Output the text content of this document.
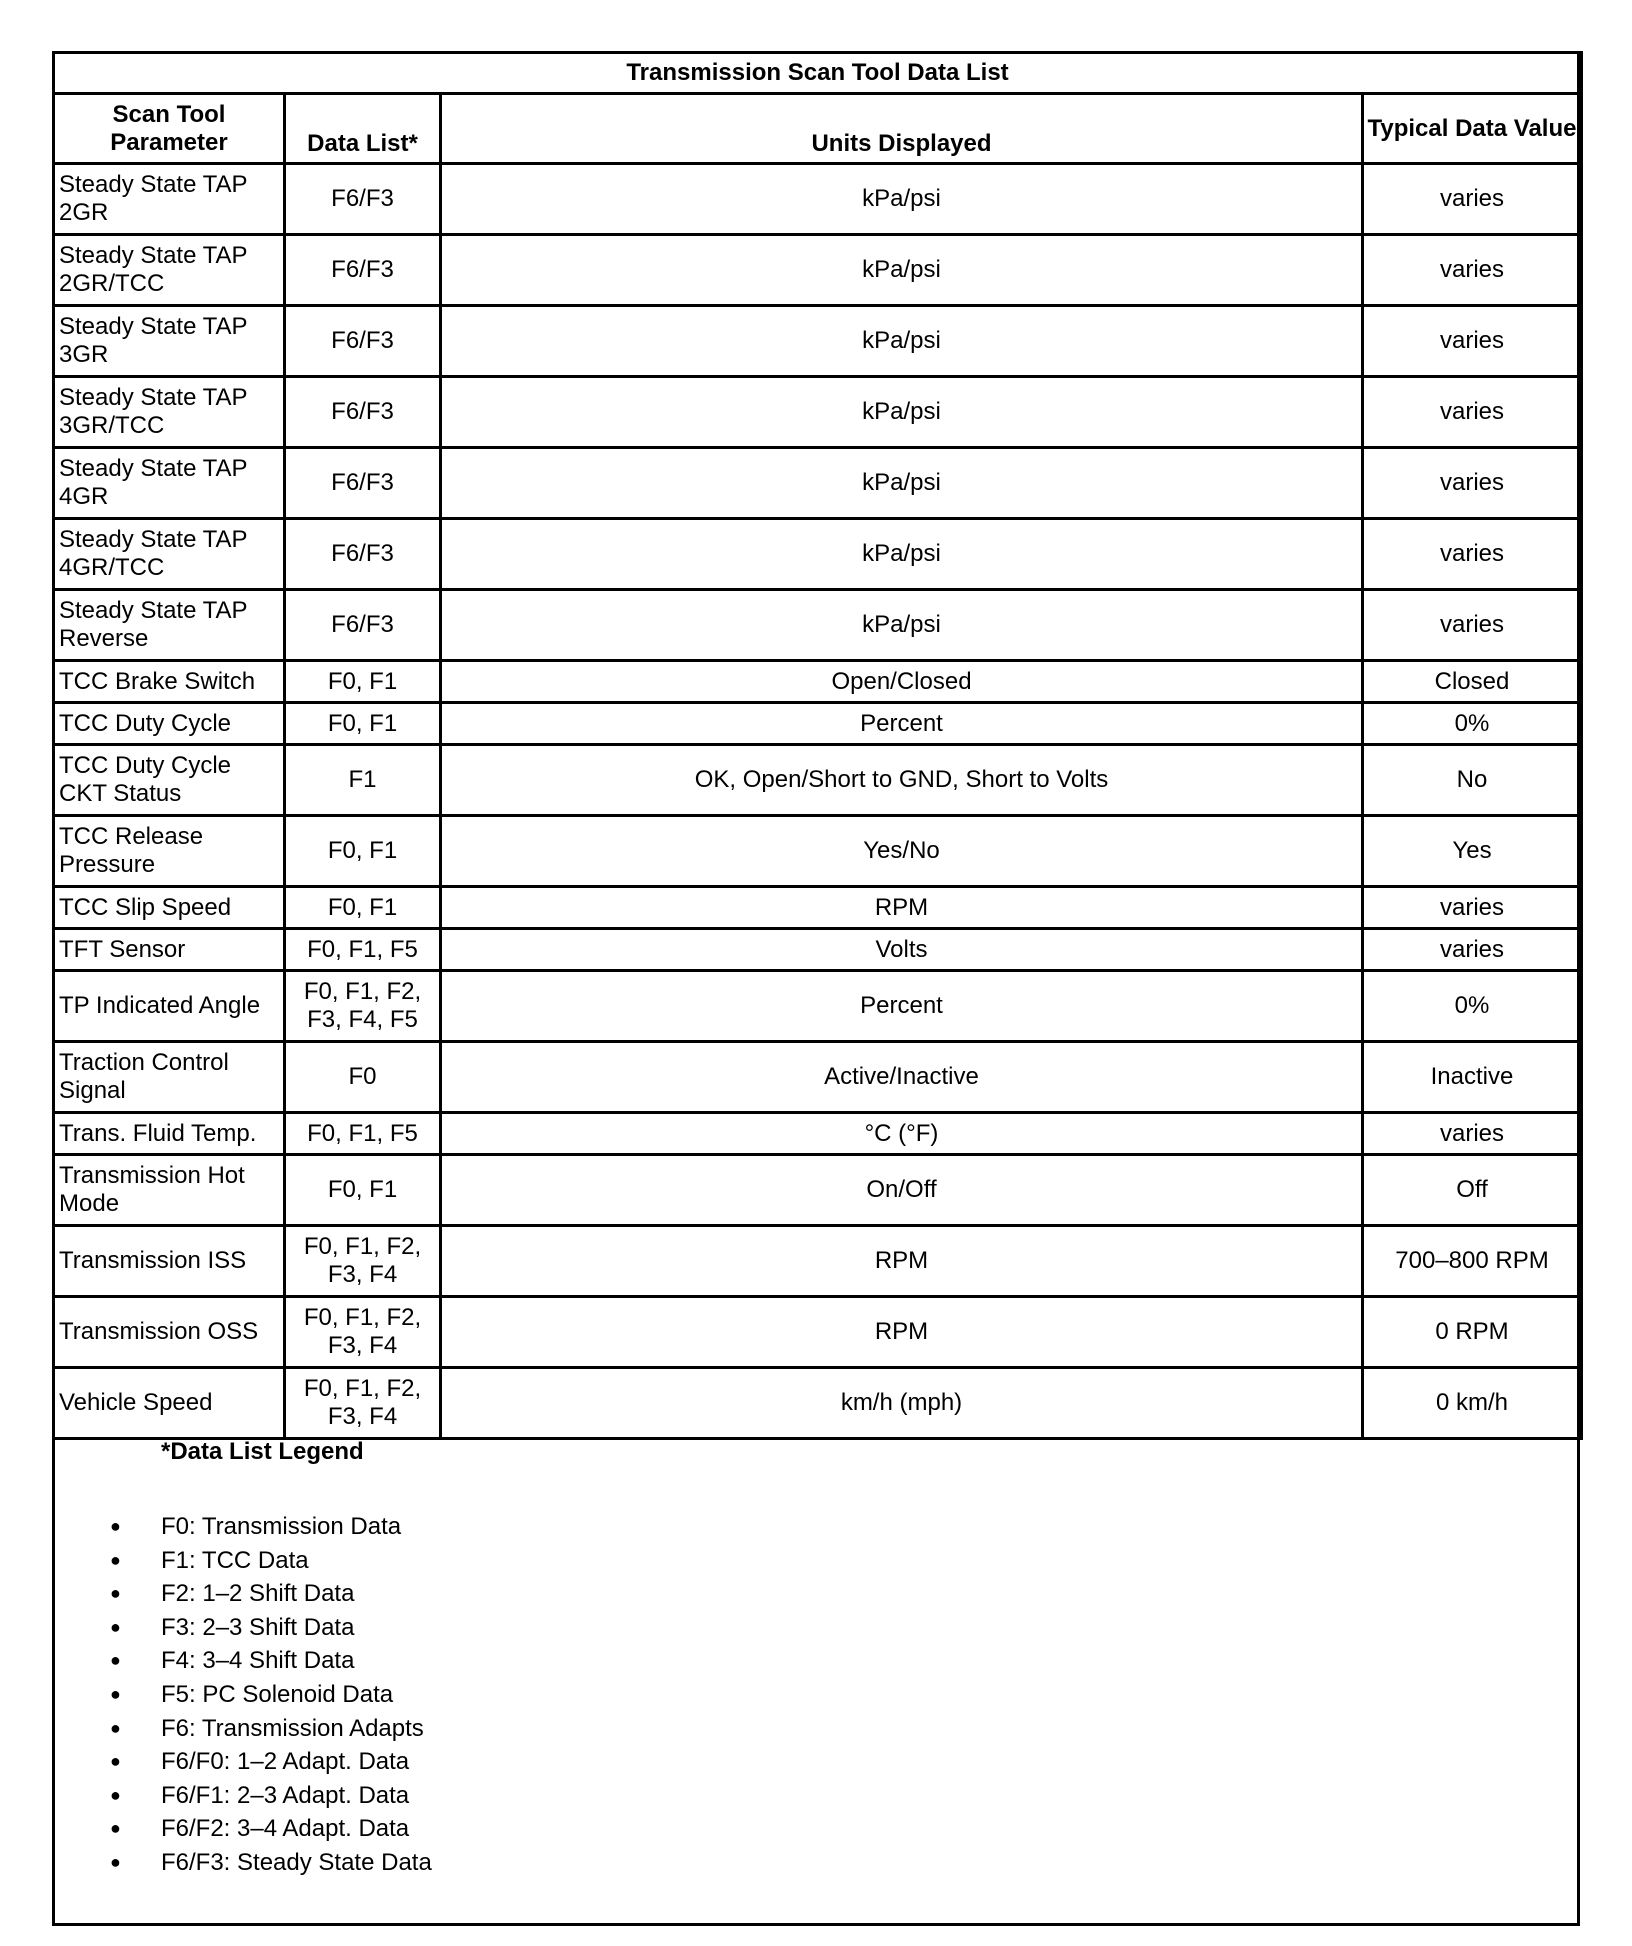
Transmission Scan Tool Data List			
Scan Tool Parameter	Data List*	Units Displayed	Typical Data Value
Steady State TAP 2GR	F6/F3	kPa/psi	varies
Steady State TAP 2GR/TCC	F6/F3	kPa/psi	varies
Steady State TAP 3GR	F6/F3	kPa/psi	varies
Steady State TAP 3GR/TCC	F6/F3	kPa/psi	varies
Steady State TAP 4GR	F6/F3	kPa/psi	varies
Steady State TAP 4GR/TCC	F6/F3	kPa/psi	varies
Steady State TAP Reverse	F6/F3	kPa/psi	varies
TCC Brake Switch	F0, F1	Open/Closed	Closed
TCC Duty Cycle	F0, F1	Percent	0%
TCC Duty Cycle CKT Status	F1	OK, Open/Short to GND, Short to Volts	No
TCC Release Pressure	F0, F1	Yes/No	Yes
TCC Slip Speed	F0, F1	RPM	varies
TFT Sensor	F0, F1, F5	Volts	varies
TP Indicated Angle	F0, F1, F2, F3, F4, F5	Percent	0%
Traction Control Signal	F0	Active/Inactive	Inactive
Trans. Fluid Temp.	F0, F1, F5	°C (°F)	varies
Transmission Hot Mode	F0, F1	On/Off	Off
Transmission ISS	F0, F1, F2, F3, F4	RPM	700–800 RPM
Transmission OSS	F0, F1, F2, F3, F4	RPM	0 RPM
Vehicle Speed	F0, F1, F2, F3, F4	km/h (mph)	0 km/h
*Data List Legend
● F0: Transmission Data
● F1: TCC Data
● F2: 1–2 Shift Data
● F3: 2–3 Shift Data
● F4: 3–4 Shift Data
● F5: PC Solenoid Data
● F6: Transmission Adapts
● F6/F0: 1–2 Adapt. Data
● F6/F1: 2–3 Adapt. Data
● F6/F2: 3–4 Adapt. Data
● F6/F3: Steady State Data
